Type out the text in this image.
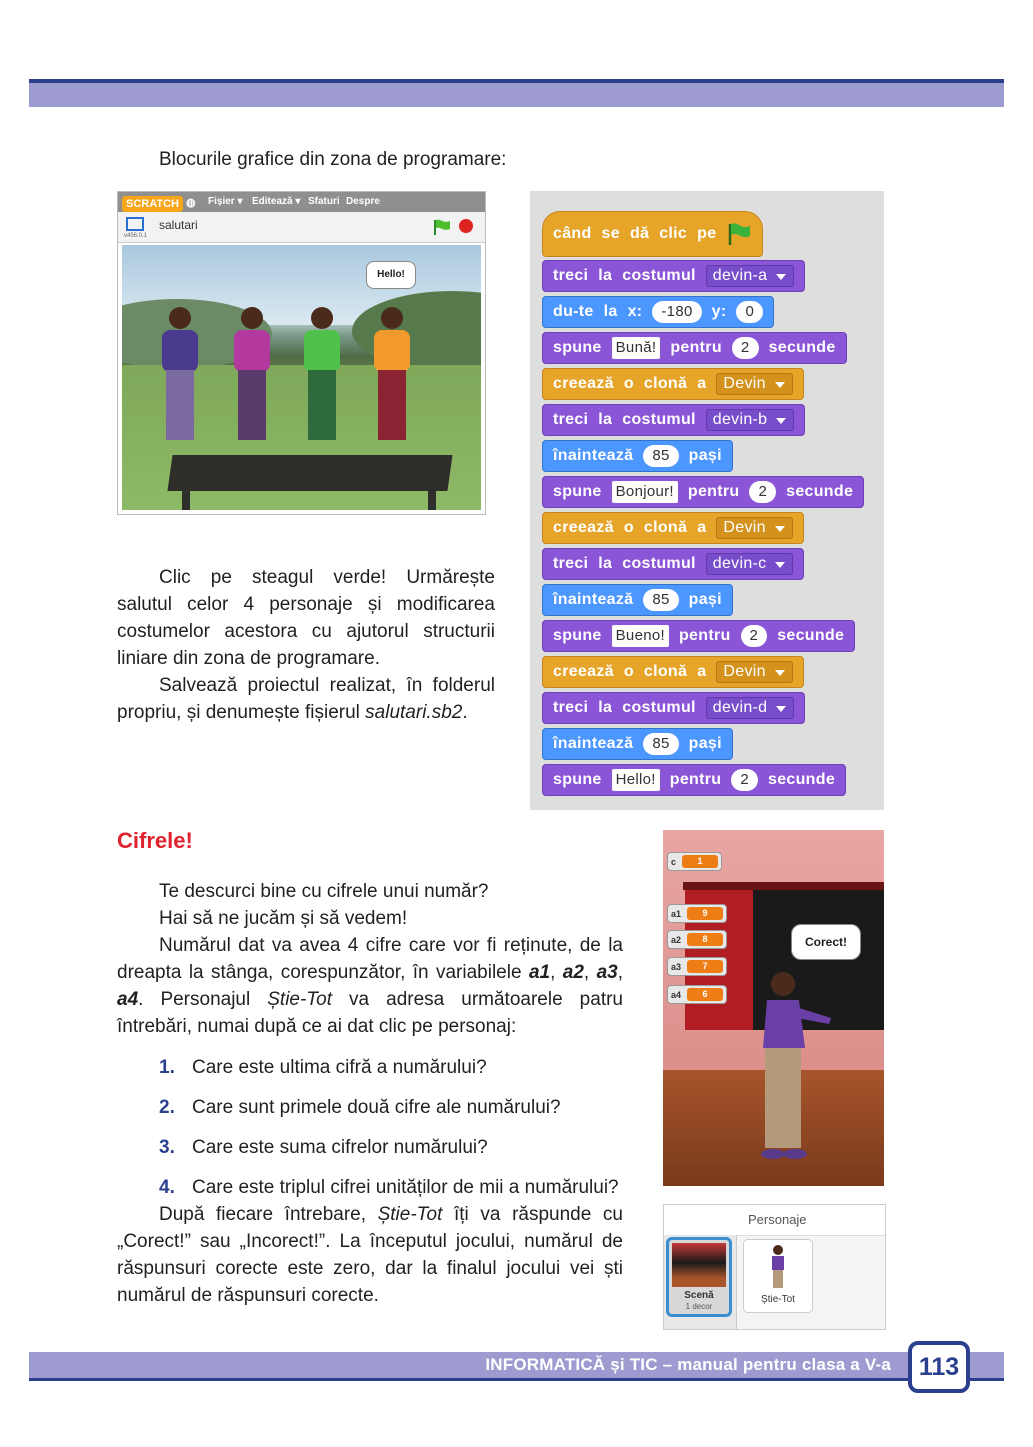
Blocurile grafice din zona de programare:
SCRATCH ◍ Fișier ▾ Editează ▾ Sfaturi Despre
salutari
v456.0.1
Hello!
când se dă clic pe
treci la costumul	devin-a
du-te la x:	-180	y:	0
spune Bună! pentru	2	secunde
creează o clonă a	Devin
treci la costumul	devin-b
înaintează	85	pași
spune Bonjour! pentru	2	secunde
creează o clonă a	Devin
treci la costumul	devin-c
înaintează	85	pași
spune Bueno! pentru	2	secunde
creează o clonă a	Devin
treci la costumul	devin-d
înaintează	85	pași
spune Hello! pentru	2	secunde
Clic pe steagul verde! Urmărește salutul celor 4 personaje și modificarea costumelor acestora cu ajutorul structurii liniare din zona de programare.
Salvează proiectul realizat, în folderul propriu, și denumește fișierul salutari.sb2.
Cifrele!
Te descurci bine cu cifrele unui număr?
Hai să ne jucăm și să vedem!
Numărul dat va avea 4 cifre care vor fi reținute, de la dreapta la stânga, corespunzător, în variabilele a1, a2, a3, a4. Personajul Știe-Tot va adresa următoarele patru întrebări, numai după ce ai dat clic pe personaj:
1. Care este ultima cifră a numărului?
2. Care sunt primele două cifre ale numărului?
3. Care este suma cifrelor numărului?
4. Care este triplul cifrei unităților de mii a numărului?
După fiecare întrebare, Știe-Tot îți va răspunde cu „Corect!” sau „Incorect!”. La începutul jocului, numărul de răspunsuri corecte este zero, dar la finalul jocului vei ști numărul de răspunsuri corecte.
c	1
a1	9
a2	8
a3	7
a4	6
Corect!
Personaje
Scenă
1 decor
Știe-Tot
INFORMATICĂ și TIC – manual pentru clasa a V-a	113
